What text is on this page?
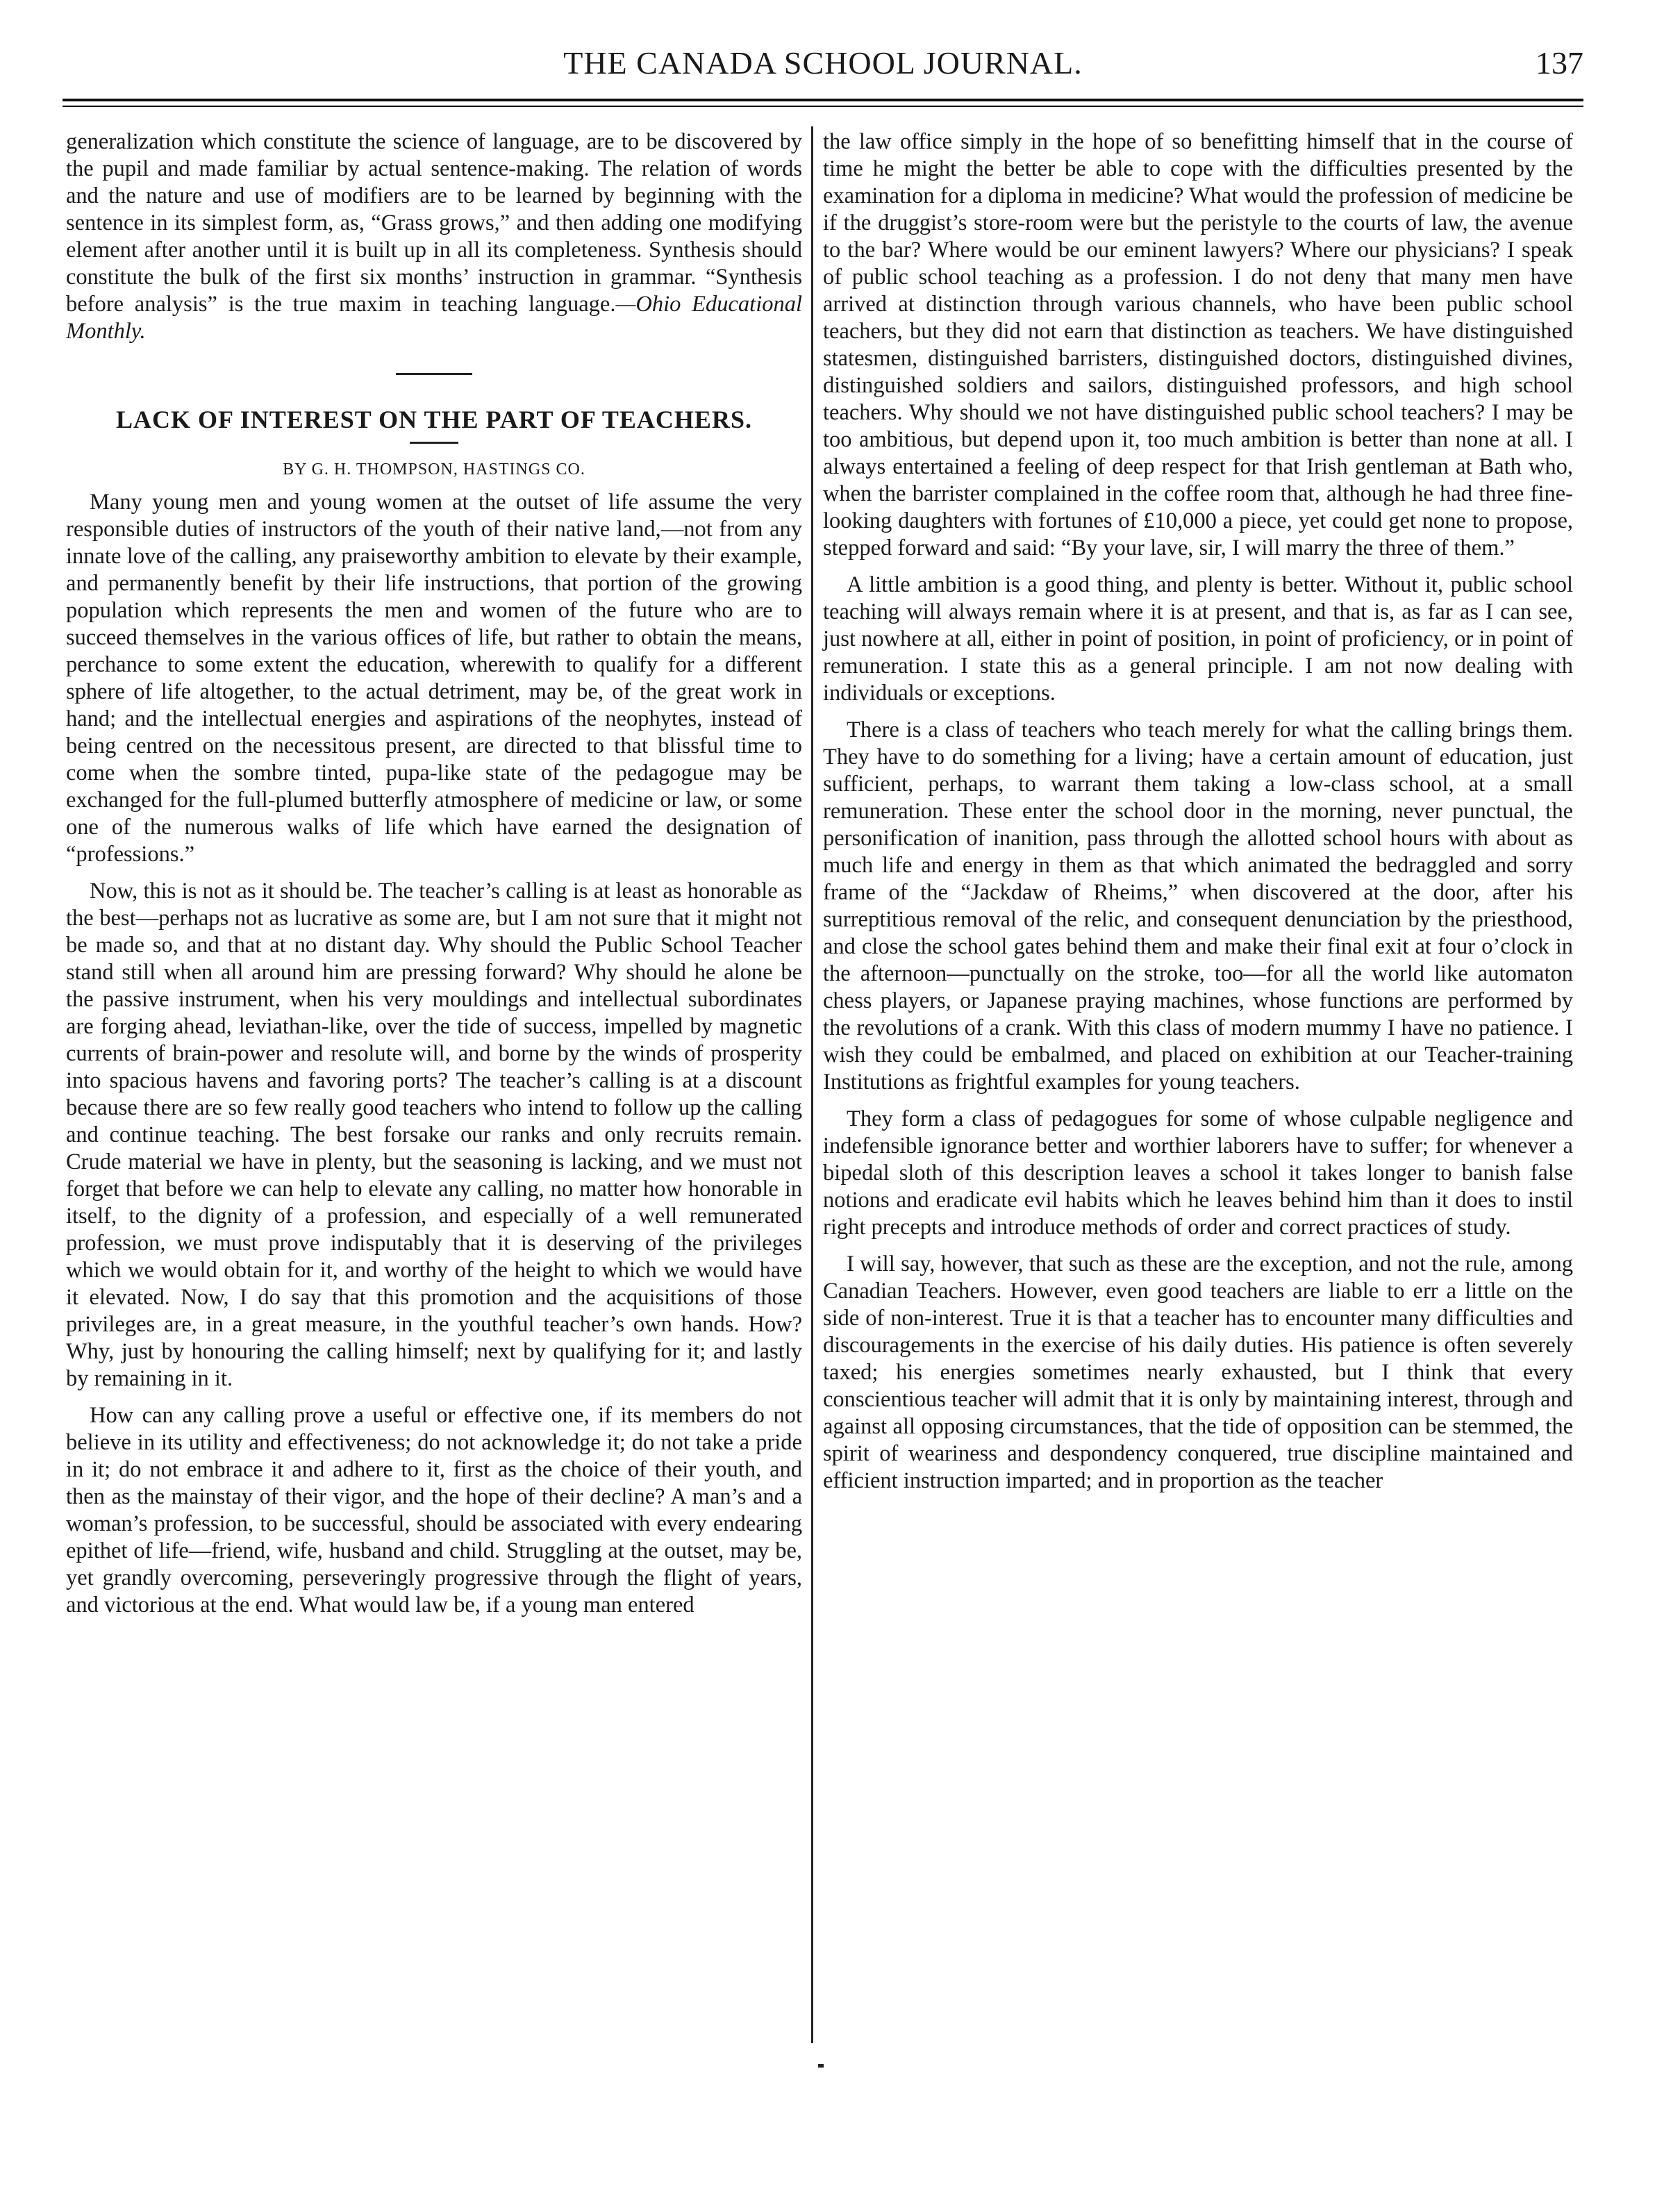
THE CANADA SCHOOL JOURNAL.	137

generalization which constitute the science of language, are to be discovered by the pupil and made familiar by actual sentence-making. The relation of words and the nature and use of modifiers are to be learned by beginning with the sentence in its simplest form, as, “Grass grows,” and then adding one modifying element after another until it is built up in all its completeness. Synthesis should constitute the bulk of the first six months’ instruction in grammar. “Synthesis before analysis” is the true maxim in teaching language.—Ohio Educational Monthly.

LACK OF INTEREST ON THE PART OF TEACHERS.
BY G. H. THOMPSON, HASTINGS CO.

Many young men and young women at the outset of life assume the very responsible duties of instructors of the youth of their native land,—not from any innate love of the calling, any praiseworthy ambition to elevate by their example, and permanently benefit by their life instructions, that portion of the growing population which represents the men and women of the future who are to succeed themselves in the various offices of life, but rather to obtain the means, perchance to some extent the education, wherewith to qualify for a different sphere of life altogether, to the actual detriment, may be, of the great work in hand; and the intellectual energies and aspirations of the neophytes, instead of being centred on the necessitous present, are directed to that blissful time to come when the sombre tinted, pupa-like state of the pedagogue may be exchanged for the full-plumed butterfly atmosphere of medicine or law, or some one of the numerous walks of life which have earned the designation of “professions.”

Now, this is not as it should be. The teacher’s calling is at least as honorable as the best—perhaps not as lucrative as some are, but I am not sure that it might not be made so, and that at no distant day. Why should the Public School Teacher stand still when all around him are pressing forward? Why should he alone be the passive instrument, when his very mouldings and intellectual subordinates are forging ahead, leviathan-like, over the tide of success, impelled by magnetic currents of brain-power and resolute will, and borne by the winds of prosperity into spacious havens and favoring ports? The teacher’s calling is at a discount because there are so few really good teachers who intend to follow up the calling and continue teaching. The best forsake our ranks and only recruits remain. Crude material we have in plenty, but the seasoning is lacking, and we must not forget that before we can help to elevate any calling, no matter how honorable in itself, to the dignity of a profession, and especially of a well remunerated profession, we must prove indisputably that it is deserving of the privileges which we would obtain for it, and worthy of the height to which we would have it elevated. Now, I do say that this promotion and the acquisitions of those privileges are, in a great measure, in the youthful teacher’s own hands. How? Why, just by honouring the calling himself; next by qualifying for it; and lastly by remaining in it.

How can any calling prove a useful or effective one, if its members do not believe in its utility and effectiveness; do not acknowledge it; do not take a pride in it; do not embrace it and adhere to it, first as the choice of their youth, and then as the mainstay of their vigor, and the hope of their decline? A man’s and a woman’s profession, to be successful, should be associated with every endearing epithet of life—friend, wife, husband and child. Struggling at the outset, may be, yet grandly overcoming, perseveringly progressive through the flight of years, and victorious at the end. What would law be, if a young man entered

the law office simply in the hope of so benefitting himself that in the course of time he might the better be able to cope with the difficulties presented by the examination for a diploma in medicine? What would the profession of medicine be if the druggist’s store-room were but the peristyle to the courts of law, the avenue to the bar? Where would be our eminent lawyers? Where our physicians? I speak of public school teaching as a profession. I do not deny that many men have arrived at distinction through various channels, who have been public school teachers, but they did not earn that distinction as teachers. We have distinguished statesmen, distinguished barristers, distinguished doctors, distinguished divines, distinguished soldiers and sailors, distinguished professors, and high school teachers. Why should we not have distinguished public school teachers? I may be too ambitious, but depend upon it, too much ambition is better than none at all. I always entertained a feeling of deep respect for that Irish gentleman at Bath who, when the barrister complained in the coffee room that, although he had three fine-looking daughters with fortunes of £10,000 a piece, yet could get none to propose, stepped forward and said: “By your lave, sir, I will marry the three of them.”

A little ambition is a good thing, and plenty is better. Without it, public school teaching will always remain where it is at present, and that is, as far as I can see, just nowhere at all, either in point of position, in point of proficiency, or in point of remuneration. I state this as a general principle. I am not now dealing with individuals or exceptions.

There is a class of teachers who teach merely for what the calling brings them. They have to do something for a living; have a certain amount of education, just sufficient, perhaps, to warrant them taking a low-class school, at a small remuneration. These enter the school door in the morning, never punctual, the personification of inanition, pass through the allotted school hours with about as much life and energy in them as that which animated the bedraggled and sorry frame of the “Jackdaw of Rheims,” when discovered at the door, after his surreptitious removal of the relic, and consequent denunciation by the priesthood, and close the school gates behind them and make their final exit at four o’clock in the afternoon—punctually on the stroke, too—for all the world like automaton chess players, or Japanese praying machines, whose functions are performed by the revolutions of a crank. With this class of modern mummy I have no patience. I wish they could be embalmed, and placed on exhibition at our Teacher-training Institutions as frightful examples for young teachers.

They form a class of pedagogues for some of whose culpable negligence and indefensible ignorance better and worthier laborers have to suffer; for whenever a bipedal sloth of this description leaves a school it takes longer to banish false notions and eradicate evil habits which he leaves behind him than it does to instil right precepts and introduce methods of order and correct practices of study.

I will say, however, that such as these are the exception, and not the rule, among Canadian Teachers. However, even good teachers are liable to err a little on the side of non-interest. True it is that a teacher has to encounter many difficulties and discouragements in the exercise of his daily duties. His patience is often severely taxed; his energies sometimes nearly exhausted, but I think that every conscientious teacher will admit that it is only by maintaining interest, through and against all opposing circumstances, that the tide of opposition can be stemmed, the spirit of weariness and despondency conquered, true discipline maintained and efficient instruction imparted; and in proportion as the teacher
